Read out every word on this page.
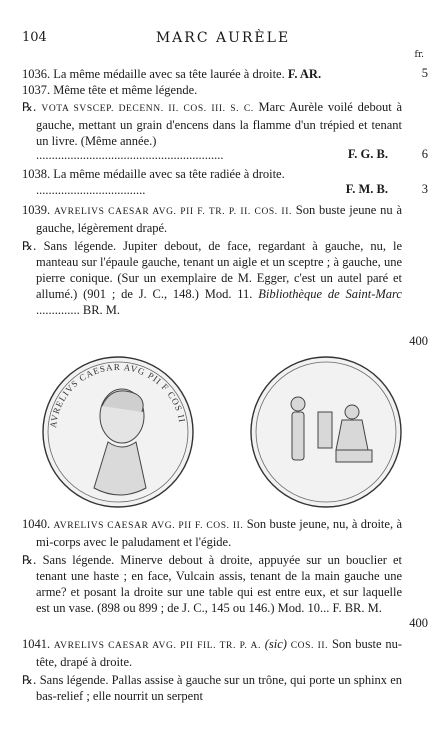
104	MARC AURÈLE
fr.
1036. La même médaille avec sa tête laurée à droite. F. AR.	5
1037. Même tête et même légende.
℞. VOTA SVSCEP. DECENN. II. COS. III. S. C. Marc Aurèle voilé debout à gauche, mettant un grain d'encens dans la flamme d'un trépied et tenant un livre. (Même année.)
............................................................	F. G. B.	6
1038. La même médaille avec sa tête radiée à droite.
...................................	F. M. B.	3
1039. AVRELIVS CAESAR AVG. PII F. TR. P. II. COS. II. Son buste jeune nu à gauche, légèrement drapé.
℞. Sans légende. Jupiter debout, de face, regardant à gauche, nu, le manteau sur l'épaule gauche, tenant un aigle et un sceptre ; à gauche, une pierre conique. (Sur un exemplaire de M. Egger, c'est un autel paré et allumé.) (901 ; de J. C., 148.) Mod. 11. Bibliothèque de Saint-Marc .............. BR. M.
400
AVRELIVS CAESAR AVG PII F COS II
1040. AVRELIVS CAESAR AVG. PII F. COS. II. Son buste jeune, nu, à droite, à mi-corps avec le paludament et l'égide.
℞. Sans légende. Minerve debout à droite, appuyée sur un bouclier et tenant une haste ; en face, Vulcain assis, tenant de la main gauche une arme? et posant la droite sur une table qui est entre eux, et sur laquelle est un vase. (898 ou 899 ; de J. C., 145 ou 146.) Mod. 10... F. BR. M.
400
1041. AVRELIVS CAESAR AVG. PII FIL. TR. P. A. (sic) COS. II. Son buste nu-tête, drapé à droite.
℞. Sans légende. Pallas assise à gauche sur un trône, qui porte un sphinx en bas-relief ; elle nourrit un serpent
